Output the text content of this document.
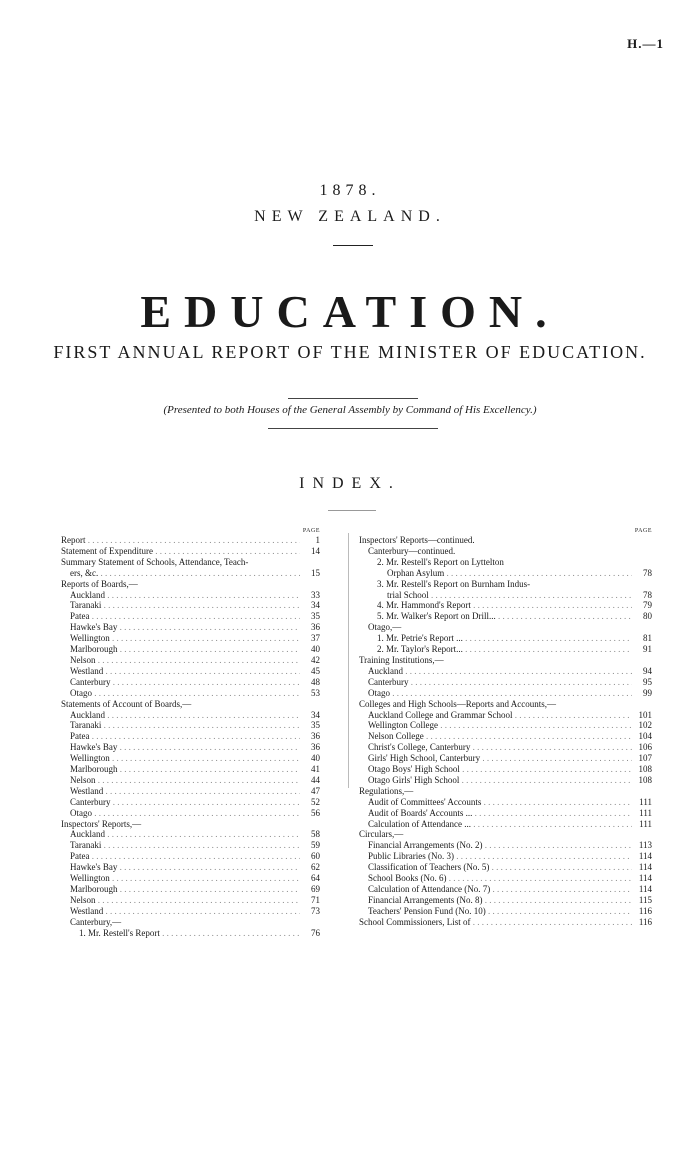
H.—1
1878.
NEW ZEALAND.
EDUCATION.
FIRST ANNUAL REPORT OF THE MINISTER OF EDUCATION.
(Presented to both Houses of the General Assembly by Command of His Excellency.)
INDEX.
PAGE
Report . . .	1
Statement of Expenditure . . .	14
Summary Statement of Schools, Attendance, Teach-
ers, &c. . . .	15
Reports of Boards,—
Auckland . . .	33
Taranaki . . .	34
Patea . . .	35
Hawke's Bay . . .	36
Wellington . . .	37
Marlborough . . .	40
Nelson . . .	42
Westland . . .	45
Canterbury . . .	48
Otago . . .	53
Statements of Account of Boards,—
Auckland . . .	34
Taranaki . . .	35
Patea . . .	36
Hawke's Bay . . .	36
Wellington . . .	40
Marlborough . . .	41
Nelson . . .	44
Westland . . .	47
Canterbury . . .	52
Otago . . .	56
Inspectors' Reports,—
Auckland . . .	58
Taranaki . . .	59
Patea . . .	60
Hawke's Bay . . .	62
Wellington . . .	64
Marlborough . . .	69
Nelson . . .	71
Westland . . .	73
Canterbury,—
1. Mr. Restell's Report . . .	76
PAGE
Inspectors' Reports—continued.
Canterbury—continued.
2. Mr. Restell's Report on Lyttelton
Orphan Asylum . . .	78
3. Mr. Restell's Report on Burnham Indus-
trial School . . .	78
4. Mr. Hammond's Report . . .	79
5. Mr. Walker's Report on Drill... . . .	80
Otago,—
1. Mr. Petrie's Report ... . . .	81
2. Mr. Taylor's Report... . . .	91
Training Institutions,—
Auckland . . .	94
Canterbury . . .	95
Otago . . .	99
Colleges and High Schools—Reports and Accounts,—
Auckland College and Grammar School . . .	101
Wellington College . . .	102
Nelson College . . .	104
Christ's College, Canterbury . . .	106
Girls' High School, Canterbury . . .	107
Otago Boys' High School . . .	108
Otago Girls' High School . . .	108
Regulations,—
Audit of Committees' Accounts . . .	111
Audit of Boards' Accounts ... . . .	111
Calculation of Attendance ... . . .	111
Circulars,—
Financial Arrangements (No. 2) . . .	113
Public Libraries (No. 3) . . .	114
Classification of Teachers (No. 5) . . .	114
School Books (No. 6) . . .	114
Calculation of Attendance (No. 7) . . .	114
Financial Arrangements (No. 8) . . .	115
Teachers' Pension Fund (No. 10) . . .	116
School Commissioners, List of . . .	116
